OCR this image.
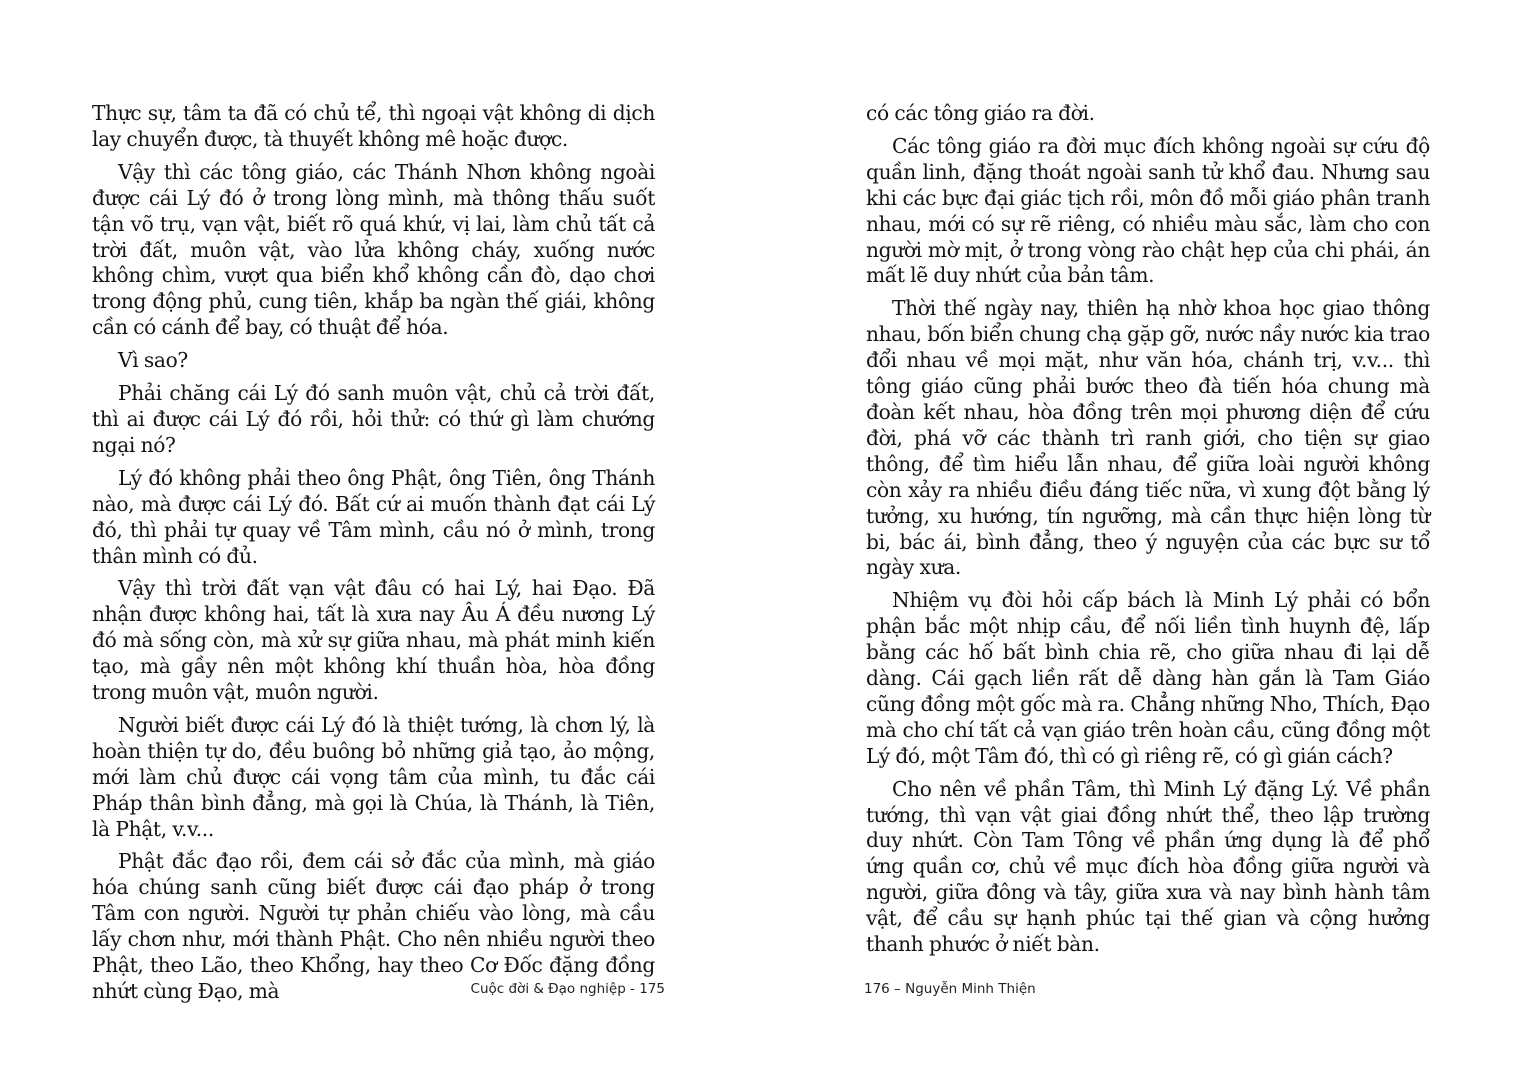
Thực sự, tâm ta đã có chủ tể, thì ngoại vật không di dịch lay chuyển được, tà thuyết không mê hoặc được.

Vậy thì các tông giáo, các Thánh Nhơn không ngoài được cái Lý đó ở trong lòng mình, mà thông thấu suốt tận võ trụ, vạn vật, biết rõ quá khứ, vị lai, làm chủ tất cả trời đất, muôn vật, vào lửa không cháy, xuống nước không chìm, vượt qua biển khổ không cần đò, dạo chơi trong động phủ, cung tiên, khắp ba ngàn thế giái, không cần có cánh để bay, có thuật để hóa.

Vì sao?

Phải chăng cái Lý đó sanh muôn vật, chủ cả trời đất, thì ai được cái Lý đó rồi, hỏi thử: có thứ gì làm chướng ngại nó?

Lý đó không phải theo ông Phật, ông Tiên, ông Thánh nào, mà được cái Lý đó. Bất cứ ai muốn thành đạt cái Lý đó, thì phải tự quay về Tâm mình, cầu nó ở mình, trong thân mình có đủ.

Vậy thì trời đất vạn vật đâu có hai Lý, hai Đạo. Đã nhận được không hai, tất là xưa nay Âu Á đều nương Lý đó mà sống còn, mà xử sự giữa nhau, mà phát minh kiến tạo, mà gầy nên một không khí thuần hòa, hòa đồng trong muôn vật, muôn người.

Người biết được cái Lý đó là thiệt tướng, là chơn lý, là hoàn thiện tự do, đều buông bỏ những giả tạo, ảo mộng, mới làm chủ được cái vọng tâm của mình, tu đắc cái Pháp thân bình đẳng, mà gọi là Chúa, là Thánh, là Tiên, là Phật, v.v...

Phật đắc đạo rồi, đem cái sở đắc của mình, mà giáo hóa chúng sanh cũng biết được cái đạo pháp ở trong Tâm con người. Người tự phản chiếu vào lòng, mà cầu lấy chơn như, mới thành Phật. Cho nên nhiều người theo Phật, theo Lão, theo Khổng, hay theo Cơ Đốc đặng đồng nhứt cùng Đạo, mà	Cuộc đời & Đạo nghiệp - 175

có các tông giáo ra đời.

Các tông giáo ra đời mục đích không ngoài sự cứu độ quần linh, đặng thoát ngoài sanh tử khổ đau. Nhưng sau khi các bực đại giác tịch rồi, môn đồ mỗi giáo phân tranh nhau, mới có sự rẽ riêng, có nhiều màu sắc, làm cho con người mờ mịt, ở trong vòng rào chật hẹp của chi phái, án mất lẽ duy nhứt của bản tâm.

Thời thế ngày nay, thiên hạ nhờ khoa học giao thông nhau, bốn biển chung chạ gặp gỡ, nước nầy nước kia trao đổi nhau về mọi mặt, như văn hóa, chánh trị, v.v... thì tông giáo cũng phải bước theo đà tiến hóa chung mà đoàn kết nhau, hòa đồng trên mọi phương diện để cứu đời, phá vỡ các thành trì ranh giới, cho tiện sự giao thông, để tìm hiểu lẫn nhau, để giữa loài người không còn xảy ra nhiều điều đáng tiếc nữa, vì xung đột bằng lý tưởng, xu hướng, tín ngưỡng, mà cần thực hiện lòng từ bi, bác ái, bình đẳng, theo ý nguyện của các bực sư tổ ngày xưa.

Nhiệm vụ đòi hỏi cấp bách là Minh Lý phải có bổn phận bắc một nhịp cầu, để nối liền tình huynh đệ, lấp bằng các hố bất bình chia rẽ, cho giữa nhau đi lại dễ dàng. Cái gạch liền rất dễ dàng hàn gắn là Tam Giáo cũng đồng một gốc mà ra. Chẳng những Nho, Thích, Đạo mà cho chí tất cả vạn giáo trên hoàn cầu, cũng đồng một Lý đó, một Tâm đó, thì có gì riêng rẽ, có gì gián cách?

Cho nên về phần Tâm, thì Minh Lý đặng Lý. Về phần tướng, thì vạn vật giai đồng nhứt thể, theo lập trường duy nhứt. Còn Tam Tông về phần ứng dụng là để phổ ứng quần cơ, chủ về mục đích hòa đồng giữa người và người, giữa đông và tây, giữa xưa và nay bình hành tâm vật, để cầu sự hạnh phúc tại thế gian và cộng hưởng thanh phước ở niết bàn.

176 – Nguyễn Minh Thiện
